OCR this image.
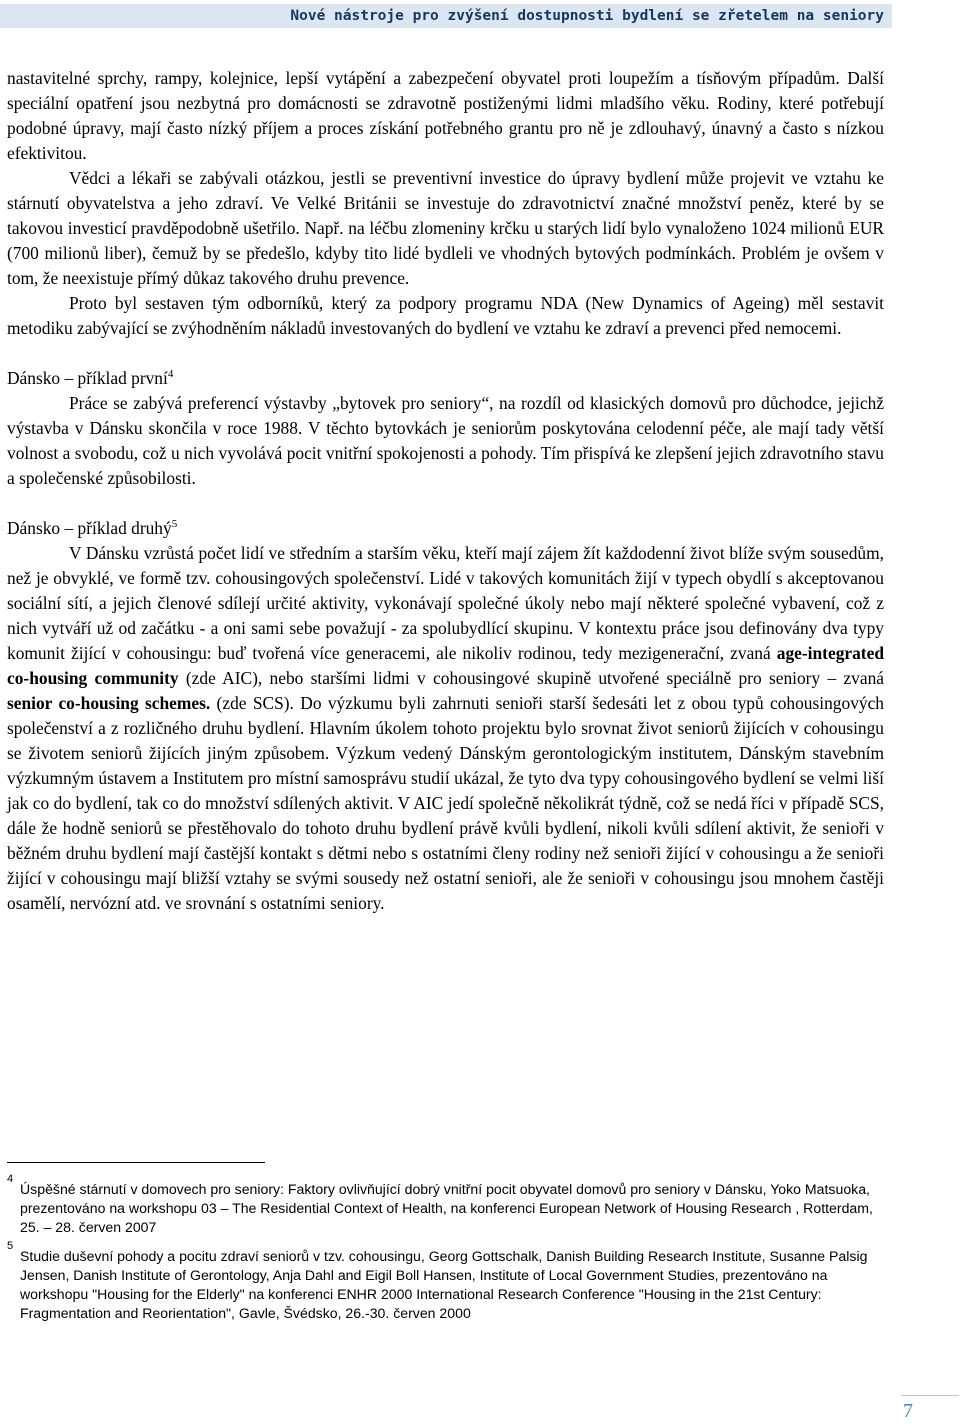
Nové nástroje pro zvýšení dostupnosti bydlení se zřetelem na seniory

nastavitelné sprchy, rampy, kolejnice, lepší vytápění a zabezpečení obyvatel proti loupežím a tísňovým případům. Další speciální opatření jsou nezbytná pro domácnosti se zdravotně postiženými lidmi mladšího věku. Rodiny, které potřebují podobné úpravy, mají často nízký příjem a proces získání potřebného grantu pro ně je zdlouhavý, únavný a často s nízkou efektivitou.

Vědci a lékaři se zabývali otázkou, jestli se preventivní investice do úpravy bydlení může projevit ve vztahu ke stárnutí obyvatelstva a jeho zdraví. Ve Velké Británii se investuje do zdravotnictví značné množství peněz, které by se takovou investicí pravděpodobně ušetřilo. Např. na léčbu zlomeniny krčku u starých lidí bylo vynaloženo 1024 milionů EUR (700 milionů liber), čemuž by se předešlo, kdyby tito lidé bydleli ve vhodných bytových podmínkách. Problém je ovšem v tom, že neexistuje přímý důkaz takového druhu prevence.

Proto byl sestaven tým odborníků, který za podpory programu NDA (New Dynamics of Ageing) měl sestavit metodiku zabývající se zvýhodněním nákladů investovaných do bydlení ve vztahu ke zdraví a prevenci před nemocemi.

Dánsko – příklad první$^4$

Práce se zabývá preferencí výstavby „bytovek pro seniory“, na rozdíl od klasických domovů pro důchodce, jejichž výstavba v Dánsku skončila v roce 1988. V těchto bytovkách je seniorům poskytována celodenní péče, ale mají tady větší volnost a svobodu, což u nich vyvolává pocit vnitřní spokojenosti a pohody. Tím přispívá ke zlepšení jejich zdravotního stavu a společenské způsobilosti.

Dánsko – příklad druhý$^5$

V Dánsku vzrůstá počet lidí ve středním a starším věku, kteří mají zájem žít každodenní život blíže svým sousedům, než je obvyklé, ve formě tzv. cohousingových společenství. Lidé v takových komunitách žijí v typech obydlí s akceptovanou sociální sítí, a jejich členové sdílejí určité aktivity, vykonávají společné úkoly nebo mají některé společné vybavení, což z nich vytváří už od začátku - a oni sami sebe považují - za spolubydlící skupinu. V kontextu práce jsou definovány dva typy komunit žijící v cohousingu: buď tvořená více generacemi, ale nikoliv rodinou, tedy mezigenerační, zvaná age-integrated co-housing community (zde AIC), nebo staršími lidmi v cohousingové skupině utvořené speciálně pro seniory – zvaná senior co-housing schemes. (zde SCS). Do výzkumu byli zahrnuti senioři starší šedesáti let z obou typů cohousingových společenství a z rozličného druhu bydlení. Hlavním úkolem tohoto projektu bylo srovnat život seniorů žijících v cohousingu se životem seniorů žijících jiným způsobem. Výzkum vedený Dánským gerontologickým institutem, Dánským stavebním výzkumným ústavem a Institutem pro místní samosprávu studií ukázal, že tyto dva typy cohousingového bydlení se velmi liší jak co do bydlení, tak co do množství sdílených aktivit. V AIC jedí společně několikrát týdně, což se nedá říci v případě SCS, dále že hodně seniorů se přestěhovalo do tohoto druhu bydlení právě kvůli bydlení, nikoli kvůli sdílení aktivit, že senioři v běžném druhu bydlení mají častější kontakt s dětmi nebo s ostatními členy rodiny než senioři žijící v cohousingu a že senioři žijící v cohousingu mají bližší vztahy se svými sousedy než ostatní senioři, ale že senioři v cohousingu jsou mnohem častěji osamělí, nervózní atd. ve srovnání s ostatními seniory.

4
Úspěšné stárnutí v domovech pro seniory: Faktory ovlivňující dobrý vnitřní pocit obyvatel domovů pro seniory v Dánsku, Yoko Matsuoka, prezentováno na workshopu 03 – The Residential Context of Health, na konferenci European Network of Housing Research , Rotterdam, 25. – 28. červen 2007
5
Studie duševní pohody a pocitu zdraví seniorů v tzv. cohousingu, Georg Gottschalk, Danish Building Research Institute, Susanne Palsig Jensen, Danish Institute of Gerontology, Anja Dahl and Eigil Boll Hansen, Institute of Local Government Studies, prezentováno na workshopu "Housing for the Elderly" na konferenci ENHR 2000 International Research Conference "Housing in the 21st Century: Fragmentation and Reorientation", Gavle, Švédsko, 26.-30. červen 2000
7
